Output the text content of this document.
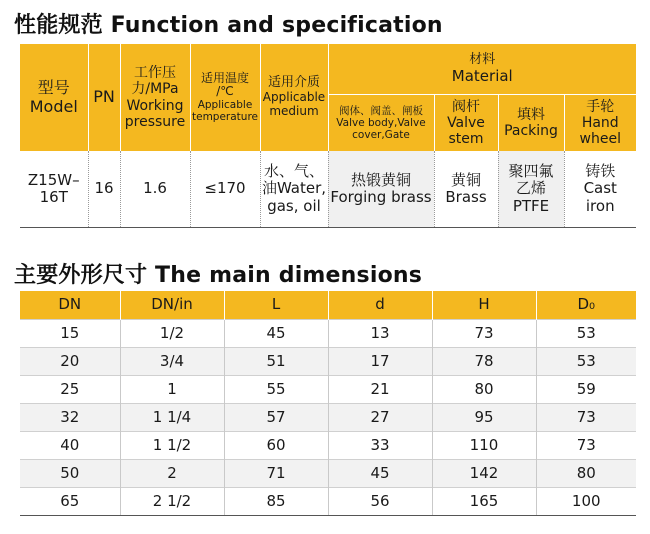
性能规范 Function and specification
型号
Model	PN	工作压
力/MPa
Working
pressure	适用温度
/℃
Applicable
temperature	适用介质
Applicable
medium	材料
Material			

					阀体、阀盖、闸板
Valve body,Valve
cover,Gate	阀杆
Valve
stem	填料
Packing	手轮
Hand
wheel

Z15W–
16T	16	1.6	≤170	水、气、
油Water,
gas, oil	热锻黄铜
Forging brass	黄铜
Brass	聚四氟
乙烯
PTFE	铸铁
Cast
iron
主要外形尺寸 The main dimensions
DN	DN/in	L	d	H	D₀
15	1/2	45	13	73	53
20	3/4	51	17	78	53
25	1	55	21	80	59
32	1 1/4	57	27	95	73
40	1 1/2	60	33	110	73
50	2	71	45	142	80
65	2 1/2	85	56	165	100
